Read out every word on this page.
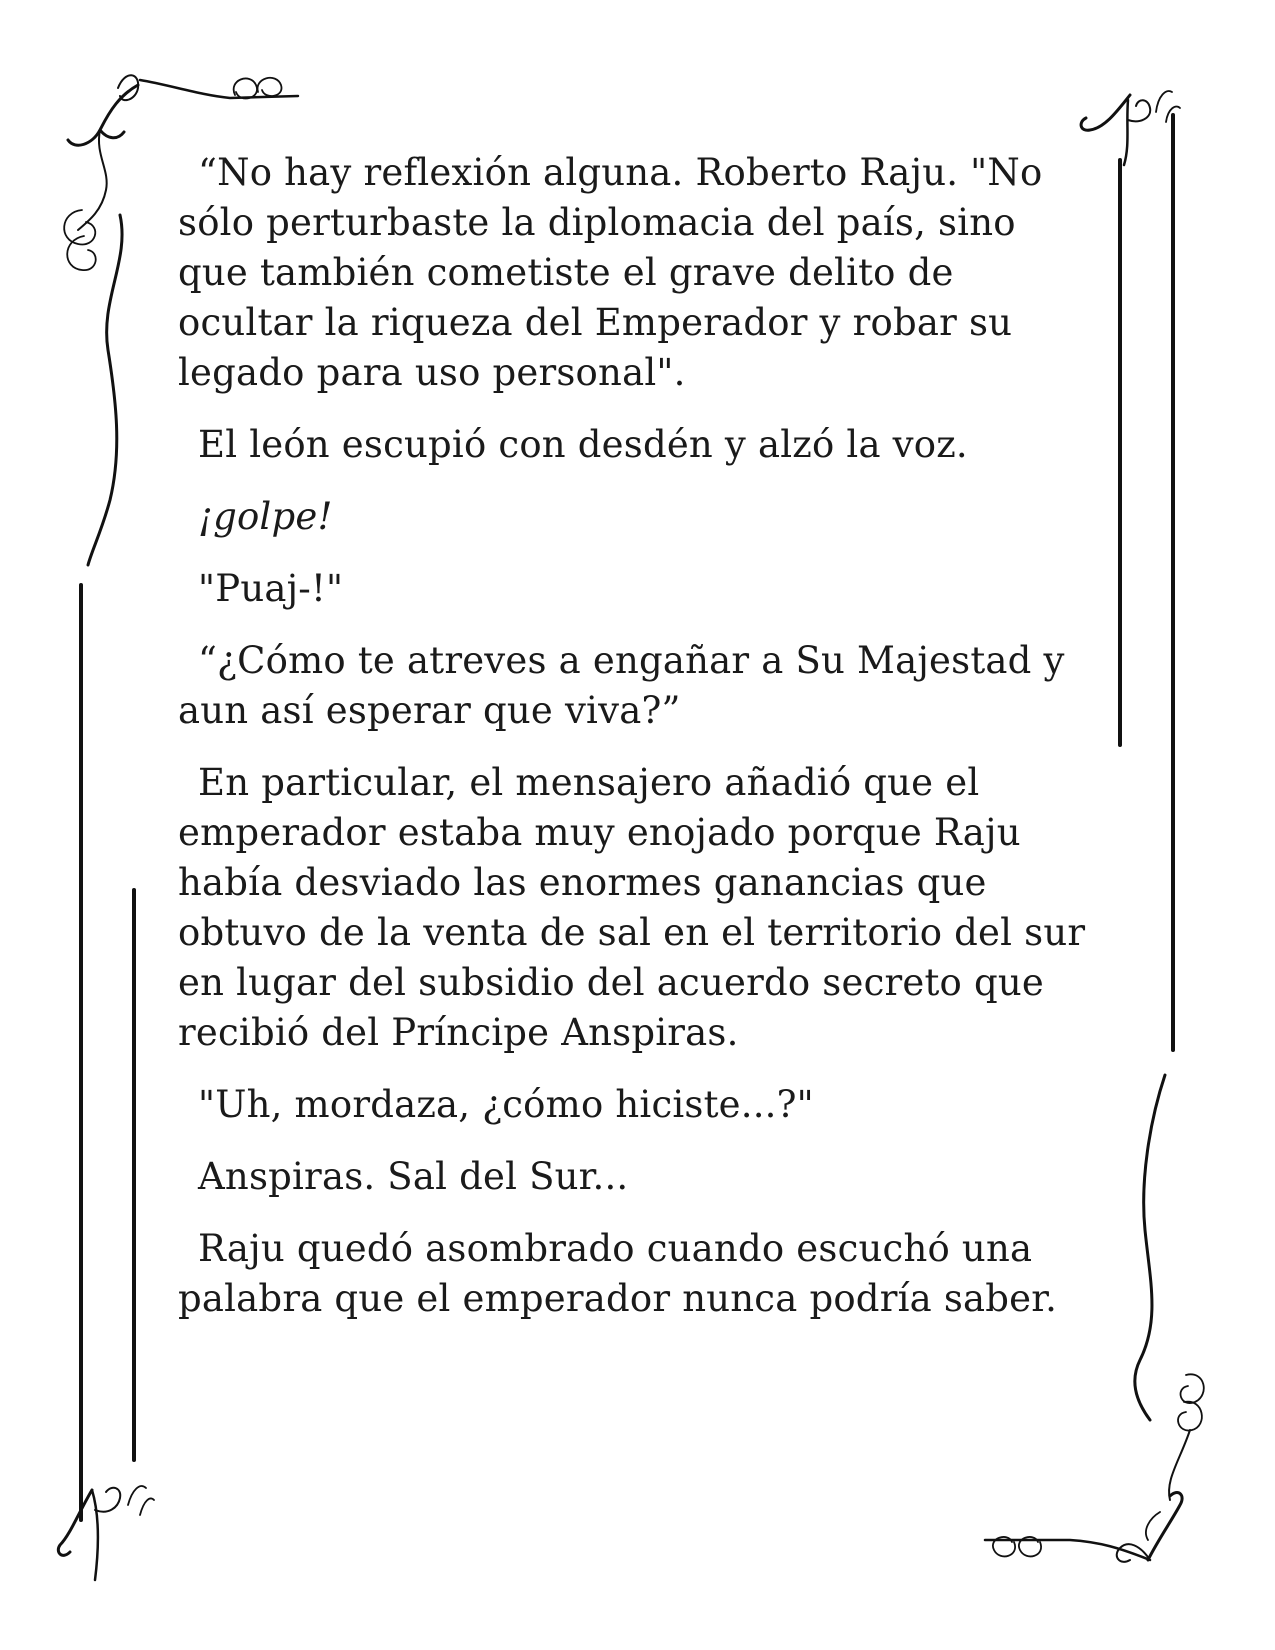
“No hay reflexión alguna. Roberto Raju. "No sólo perturbaste la diplomacia del país, sino que también cometiste el grave delito de ocultar la riqueza del Emperador y robar su legado para uso personal".

El león escupió con desdén y alzó la voz.

¡golpe!

"Puaj-!"

“¿Cómo te atreves a engañar a Su Majestad y aun así esperar que viva?”

En particular, el mensajero añadió que el emperador estaba muy enojado porque Raju había desviado las enormes ganancias que obtuvo de la venta de sal en el territorio del sur en lugar del subsidio del acuerdo secreto que recibió del Príncipe Anspiras.

"Uh, mordaza, ¿cómo hiciste...?"

Anspiras. Sal del Sur...

Raju quedó asombrado cuando escuchó una palabra que el emperador nunca podría saber.
